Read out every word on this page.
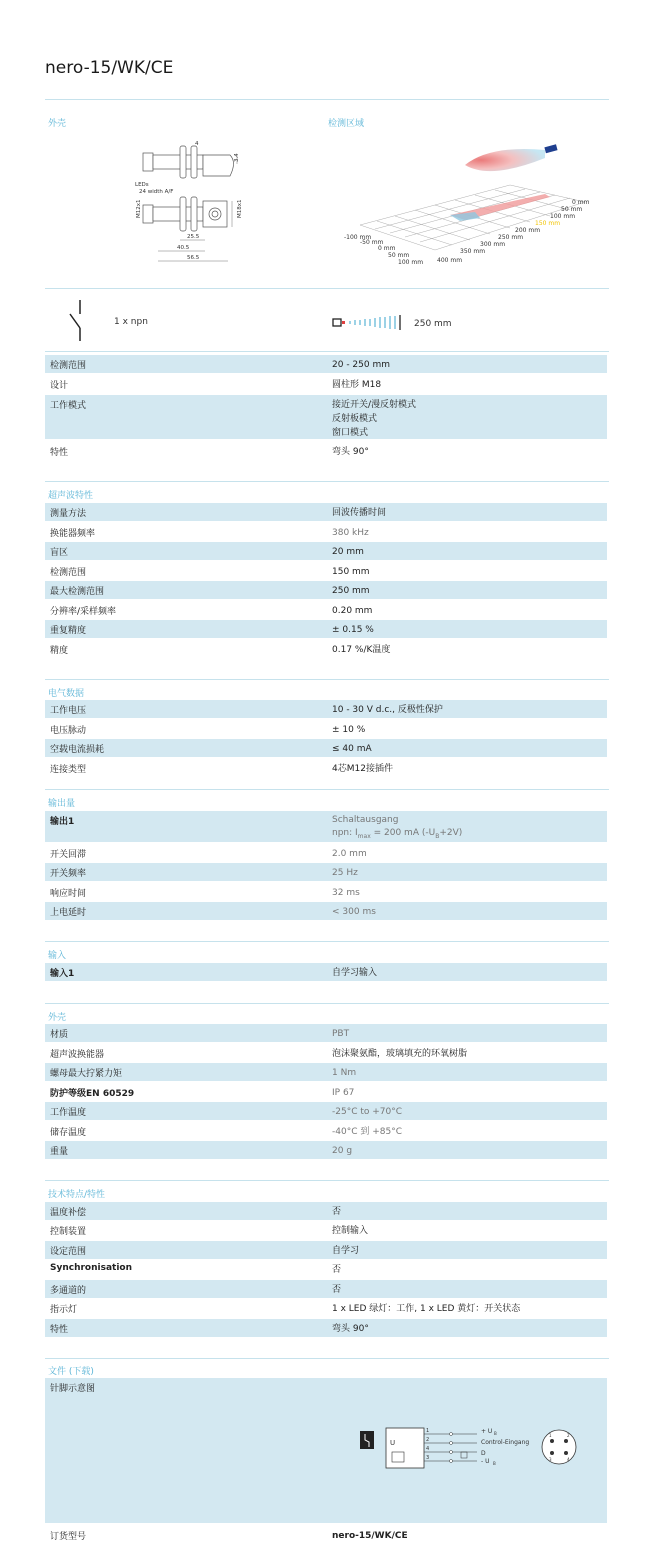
nero-15/WK/CE
外壳	检测区域
4
3.4
LEDs
24 width A/F
M12x1	M18x1
25.5
40.5
56.5
0 mm
50 mm
100 mm
150 mm
200 mm
250 mm
300 mm
350 mm
400 mm
-100 mm
-50 mm
0 mm
50 mm
100 mm
1 x npn	250 mm
检测范围	20 - 250 mm
设计	圆柱形 M18
工作模式	接近开关/漫反射模式
反射板模式
窗口模式
特性	弯头 90°
超声波特性
测量方法	回波传播时间
换能器频率	380 kHz
盲区	20 mm
检测范围	150 mm
最大检测范围	250 mm
分辨率/采样频率	0.20 mm
重复精度	± 0.15 %
精度	0.17 %/K温度
电气数据
工作电压	10 - 30 V d.c., 反极性保护
电压脉动	± 10 %
空载电流损耗	≤ 40 mA
连接类型	4芯M12接插件
输出量
输出1	Schaltausgang
npn: $I_{max} = 200$ mA $(-U_B+2V)$
开关回滞	2.0 mm
开关频率	25 Hz
响应时间	32 ms
上电延时	< 300 ms
输入
输入1	自学习输入
外壳
材质	PBT
超声波换能器	泡沫聚氨酯，玻璃填充的环氧树脂
螺母最大拧紧力矩	1 Nm
防护等级EN 60529	IP 67
工作温度	-25°C to +70°C
储存温度	-40°C 到 +85°C
重量	20 g
技术特点/特性
温度补偿	否
控制装置	控制输入
设定范围	自学习
Synchronisation	否
多通道的	否
指示灯	1 x LED 绿灯：工作, 1 x LED 黄灯：开关状态
特性	弯头 90°
文件 (下载)
针脚示意图
U
1
2
4
3
+ U
Control-Eingang
D
- U
B
B
1	2
3	4
订货型号	nero-15/WK/CE
